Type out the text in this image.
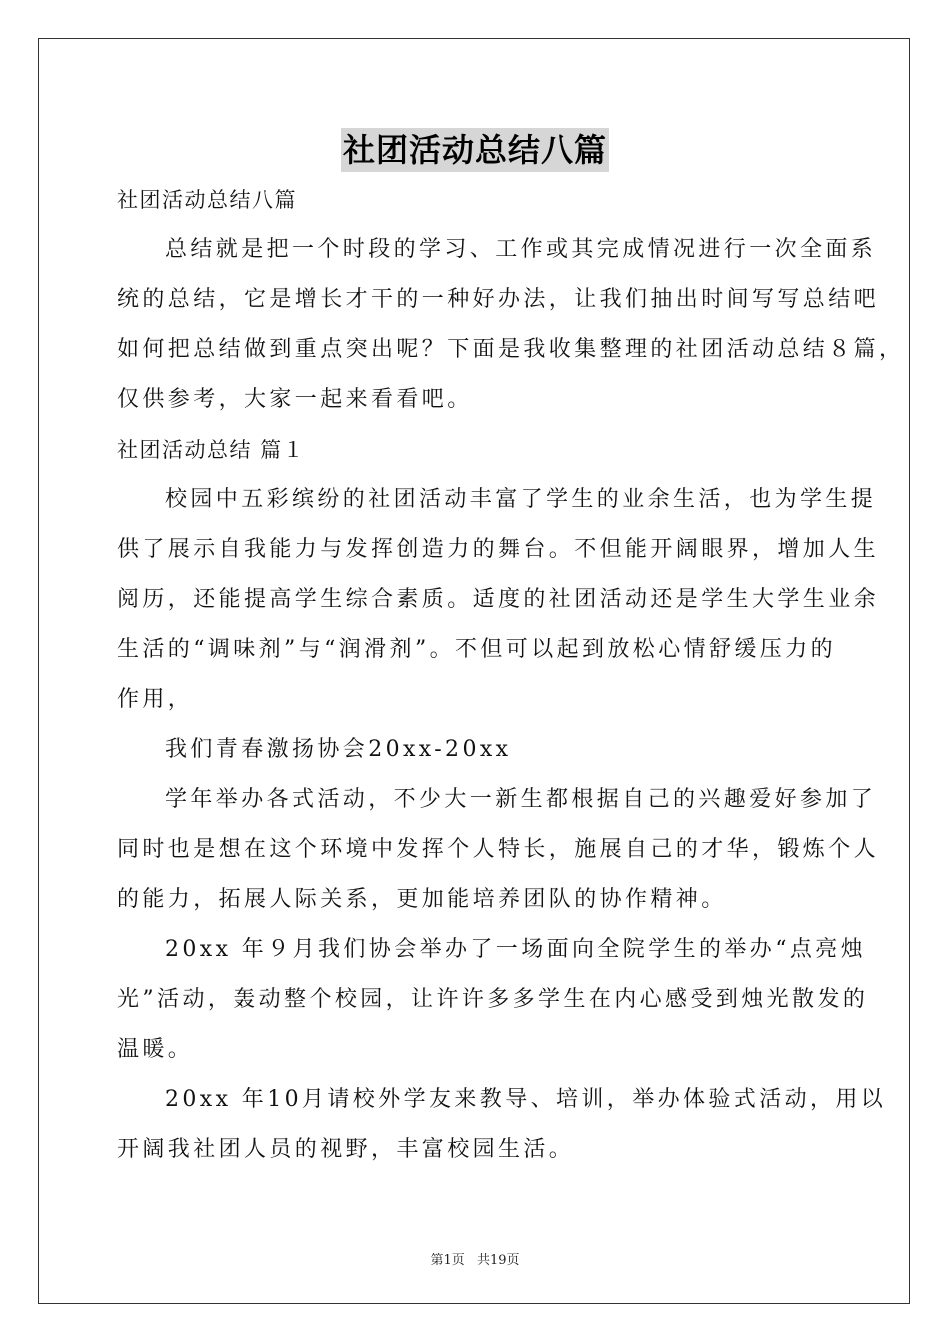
社团活动总结八篇
社团活动总结八篇
总结就是把一个时段的学习、工作或其完成情况进行一次全面系
统的总结，它是增长才干的一种好办法，让我们抽出时间写写总结吧
如何把总结做到重点突出呢？下面是我收集整理的社团活动总结８篇，
仅供参考，大家一起来看看吧。
社团活动总结 篇１
校园中五彩缤纷的社团活动丰富了学生的业余生活，也为学生提
供了展示自我能力与发挥创造力的舞台。不但能开阔眼界，增加人生
阅历，还能提高学生综合素质。适度的社团活动还是学生大学生业余
生活的“调味剂”与“润滑剂”。不但可以起到放松心情舒缓压力的
作用，
我们青春激扬协会20xx-20xx
学年举办各式活动，不少大一新生都根据自己的兴趣爱好参加了
同时也是想在这个环境中发挥个人特长，施展自己的才华，锻炼个人
的能力，拓展人际关系，更加能培养团队的协作精神。
20xx 年９月我们协会举办了一场面向全院学生的举办“点亮烛
光”活动，轰动整个校园，让许许多多学生在内心感受到烛光散发的
温暖。
20xx 年10月请校外学友来教导、培训，举办体验式活动，用以
开阔我社团人员的视野，丰富校园生活。
第1页 共19页
